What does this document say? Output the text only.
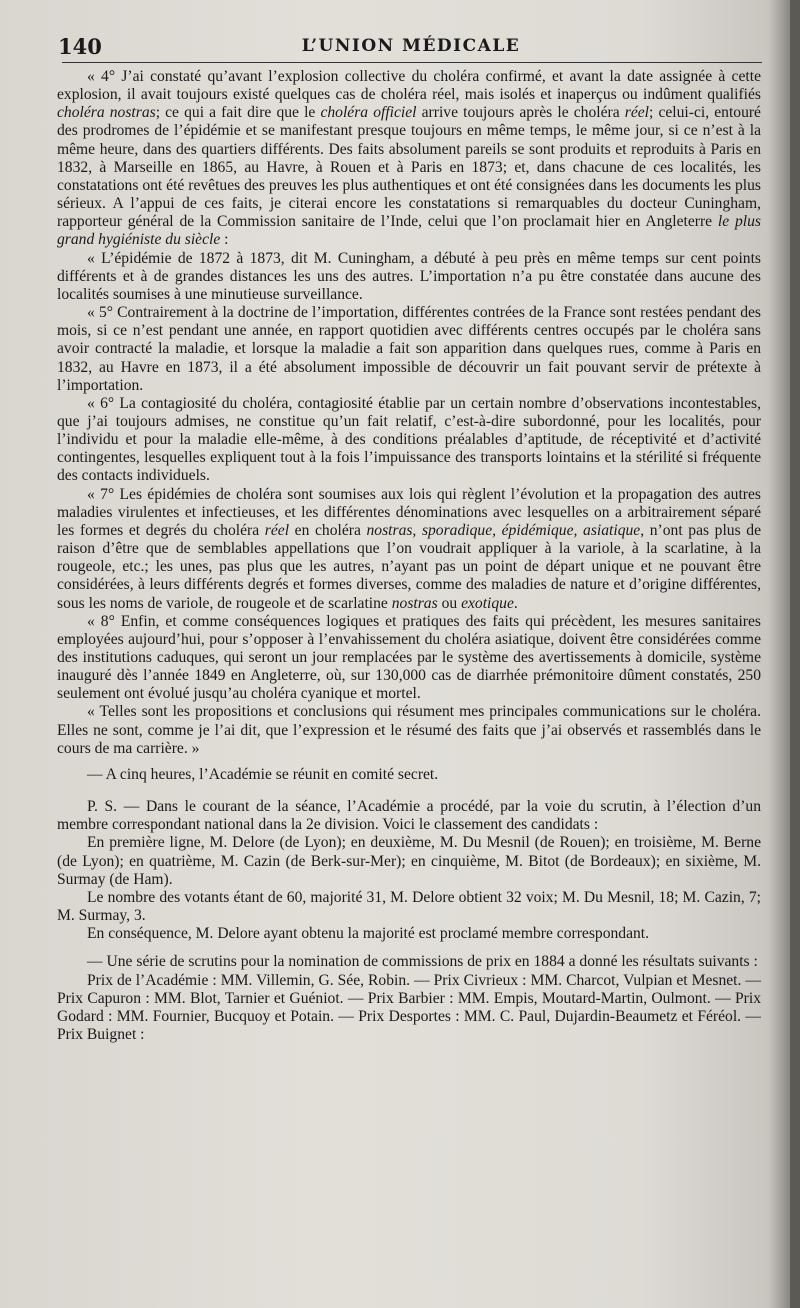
140	L’UNION MÉDICALE

« 4° J’ai constaté qu’avant l’explosion collective du choléra confirmé, et avant la date assignée à cette explosion, il avait toujours existé quelques cas de choléra réel, mais isolés et inaperçus ou indûment qualifiés choléra nostras; ce qui a fait dire que le choléra officiel arrive toujours après le choléra réel; celui-ci, entouré des prodromes de l’épidémie et se manifestant presque toujours en même temps, le même jour, si ce n’est à la même heure, dans des quartiers différents. Des faits absolument pareils se sont produits et reproduits à Paris en 1832, à Marseille en 1865, au Havre, à Rouen et à Paris en 1873; et, dans chacune de ces localités, les constatations ont été revêtues des preuves les plus authentiques et ont été consignées dans les documents les plus sérieux. A l’appui de ces faits, je citerai encore les constatations si remarquables du docteur Cuningham, rapporteur général de la Commission sanitaire de l’Inde, celui que l’on proclamait hier en Angleterre le plus grand hygiéniste du siècle :

« L’épidémie de 1872 à 1873, dit M. Cuningham, a débuté à peu près en même temps sur cent points différents et à de grandes distances les uns des autres. L’importation n’a pu être constatée dans aucune des localités soumises à une minutieuse surveillance.

« 5° Contrairement à la doctrine de l’importation, différentes contrées de la France sont restées pendant des mois, si ce n’est pendant une année, en rapport quotidien avec différents centres occupés par le choléra sans avoir contracté la maladie, et lorsque la maladie a fait son apparition dans quelques rues, comme à Paris en 1832, au Havre en 1873, il a été absolument impossible de découvrir un fait pouvant servir de prétexte à l’importation.

« 6° La contagiosité du choléra, contagiosité établie par un certain nombre d’observations incontestables, que j’ai toujours admises, ne constitue qu’un fait relatif, c’est-à-dire subordonné, pour les localités, pour l’individu et pour la maladie elle-même, à des conditions préalables d’aptitude, de réceptivité et d’activité contingentes, lesquelles expliquent tout à la fois l’impuissance des transports lointains et la stérilité si fréquente des contacts individuels.

« 7° Les épidémies de choléra sont soumises aux lois qui règlent l’évolution et la propagation des autres maladies virulentes et infectieuses, et les différentes dénominations avec lesquelles on a arbitrairement séparé les formes et degrés du choléra réel en choléra nostras, sporadique, épidémique, asiatique, n’ont pas plus de raison d’être que de semblables appellations que l’on voudrait appliquer à la variole, à la scarlatine, à la rougeole, etc.; les unes, pas plus que les autres, n’ayant pas un point de départ unique et ne pouvant être considérées, à leurs différents degrés et formes diverses, comme des maladies de nature et d’origine différentes, sous les noms de variole, de rougeole et de scarlatine nostras ou exotique.

« 8° Enfin, et comme conséquences logiques et pratiques des faits qui précèdent, les mesures sanitaires employées aujourd’hui, pour s’opposer à l’envahissement du choléra asiatique, doivent être considérées comme des institutions caduques, qui seront un jour remplacées par le système des avertissements à domicile, système inauguré dès l’année 1849 en Angleterre, où, sur 130,000 cas de diarrhée prémonitoire dûment constatés, 250 seulement ont évolué jusqu’au choléra cyanique et mortel.

« Telles sont les propositions et conclusions qui résument mes principales communications sur le choléra. Elles ne sont, comme je l’ai dit, que l’expression et le résumé des faits que j’ai observés et rassemblés dans le cours de ma carrière. »

— A cinq heures, l’Académie se réunit en comité secret.

P. S. — Dans le courant de la séance, l’Académie a procédé, par la voie du scrutin, à l’élection d’un membre correspondant national dans la 2e division. Voici le classement des candidats :

En première ligne, M. Delore (de Lyon); en deuxième, M. Du Mesnil (de Rouen); en troisième, M. Berne (de Lyon); en quatrième, M. Cazin (de Berk-sur-Mer); en cinquième, M. Bitot (de Bordeaux); en sixième, M. Surmay (de Ham).

Le nombre des votants étant de 60, majorité 31, M. Delore obtient 32 voix; M. Du Mesnil, 18; M. Cazin, 7; M. Surmay, 3.

En conséquence, M. Delore ayant obtenu la majorité est proclamé membre correspondant.

— Une série de scrutins pour la nomination de commissions de prix en 1884 a donné les résultats suivants :

Prix de l’Académie : MM. Villemin, G. Sée, Robin. — Prix Civrieux : MM. Charcot, Vulpian et Mesnet. — Prix Capuron : MM. Blot, Tarnier et Guéniot. — Prix Barbier : MM. Empis, Moutard-Martin, Oulmont. — Prix Godard : MM. Fournier, Bucquoy et Potain. — Prix Desportes : MM. C. Paul, Dujardin-Beaumetz et Féréol. — Prix Buignet :
